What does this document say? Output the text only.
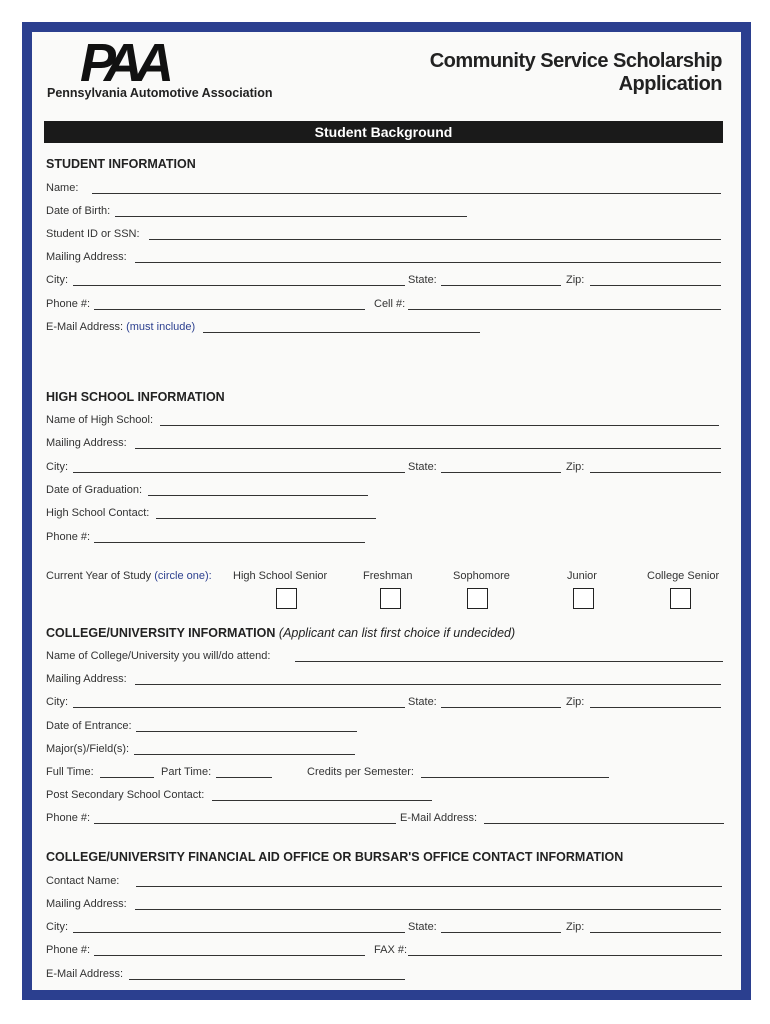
PAA
Pennsylvania Automotive Association
Community Service Scholarship Application
Student Background
STUDENT INFORMATION
Name:
Date of Birth:
Student ID or SSN:
Mailing Address:
City:	State:	Zip:
Phone #:	Cell #:
E-Mail Address: (must include)
HIGH SCHOOL INFORMATION
Name of High School:
Mailing Address:
City:	State:	Zip:
Date of Graduation:
High School Contact:
Phone #:
Current Year of Study (circle one): High School Senior	Freshman	Sophomore	Junior	College Senior
COLLEGE/UNIVERSITY INFORMATION (Applicant can list first choice if undecided)
Name of College/University you will/do attend:
Mailing Address:
City:	State:	Zip:
Date of Entrance:
Major(s)/Field(s):
Full Time:	Part Time:	Credits per Semester:
Post Secondary School Contact:
Phone #:	E-Mail Address:
COLLEGE/UNIVERSITY FINANCIAL AID OFFICE OR BURSAR'S OFFICE CONTACT INFORMATION
Contact Name:
Mailing Address:
City:	State:	Zip:
Phone #:	FAX #:
E-Mail Address:
